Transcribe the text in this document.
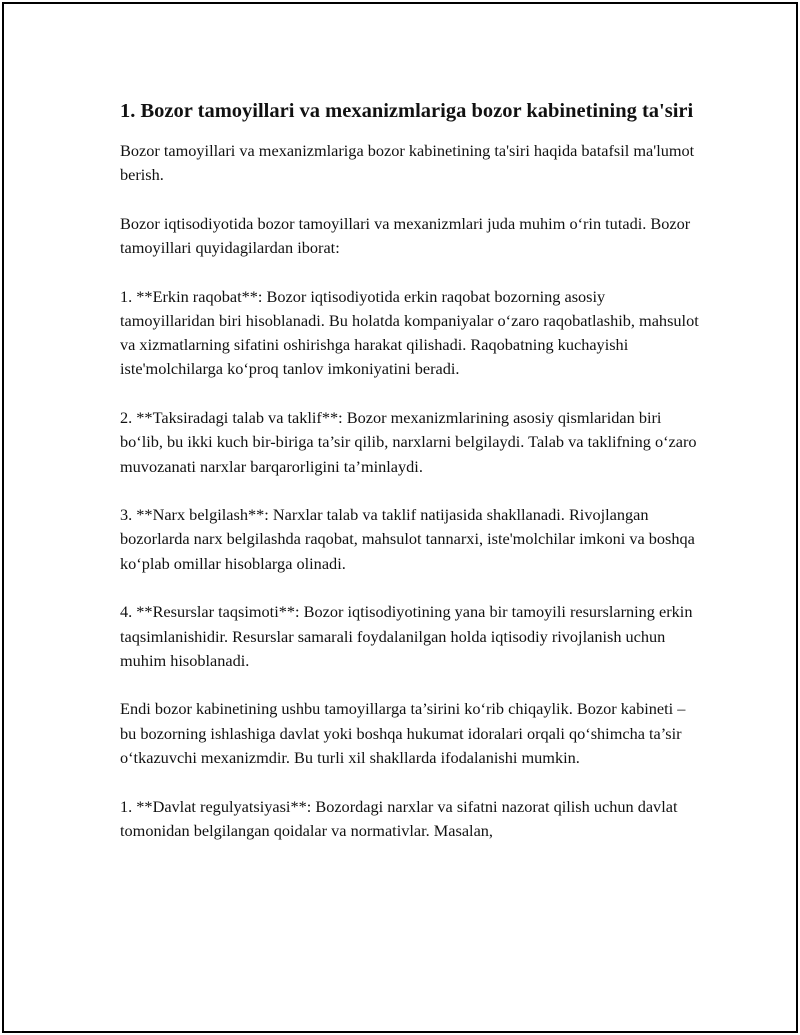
1. Bozor tamoyillari va mexanizmlariga bozor kabinetining ta'siri

Bozor tamoyillari va mexanizmlariga bozor kabinetining ta'siri haqida batafsil ma'lumot berish.

Bozor iqtisodiyotida bozor tamoyillari va mexanizmlari juda muhim o‘rin tutadi. Bozor tamoyillari quyidagilardan iborat:

1. **Erkin raqobat**: Bozor iqtisodiyotida erkin raqobat bozorning asosiy tamoyillaridan biri hisoblanadi. Bu holatda kompaniyalar o‘zaro raqobatlashib, mahsulot va xizmatlarning sifatini oshirishga harakat qilishadi. Raqobatning kuchayishi iste'molchilarga ko‘proq tanlov imkoniyatini beradi.

2. **Taksiradagi talab va taklif**: Bozor mexanizmlarining asosiy qismlaridan biri bo‘lib, bu ikki kuch bir-biriga ta’sir qilib, narxlarni belgilaydi. Talab va taklifning o‘zaro muvozanati narxlar barqarorligini ta’minlaydi.

3. **Narx belgilash**: Narxlar talab va taklif natijasida shakllanadi. Rivojlangan bozorlarda narx belgilashda raqobat, mahsulot tannarxi, iste'molchilar imkoni va boshqa ko‘plab omillar hisoblarga olinadi.

4. **Resurslar taqsimoti**: Bozor iqtisodiyotining yana bir tamoyili resurslarning erkin taqsimlanishidir. Resurslar samarali foydalanilgan holda iqtisodiy rivojlanish uchun muhim hisoblanadi.

Endi bozor kabinetining ushbu tamoyillarga ta’sirini ko‘rib chiqaylik. Bozor kabineti – bu bozorning ishlashiga davlat yoki boshqa hukumat idoralari orqali qo‘shimcha ta’sir o‘tkazuvchi mexanizmdir. Bu turli xil shakllarda ifodalanishi mumkin.

1. **Davlat regulyatsiyasi**: Bozordagi narxlar va sifatni nazorat qilish uchun davlat tomonidan belgilangan qoidalar va normativlar. Masalan,
